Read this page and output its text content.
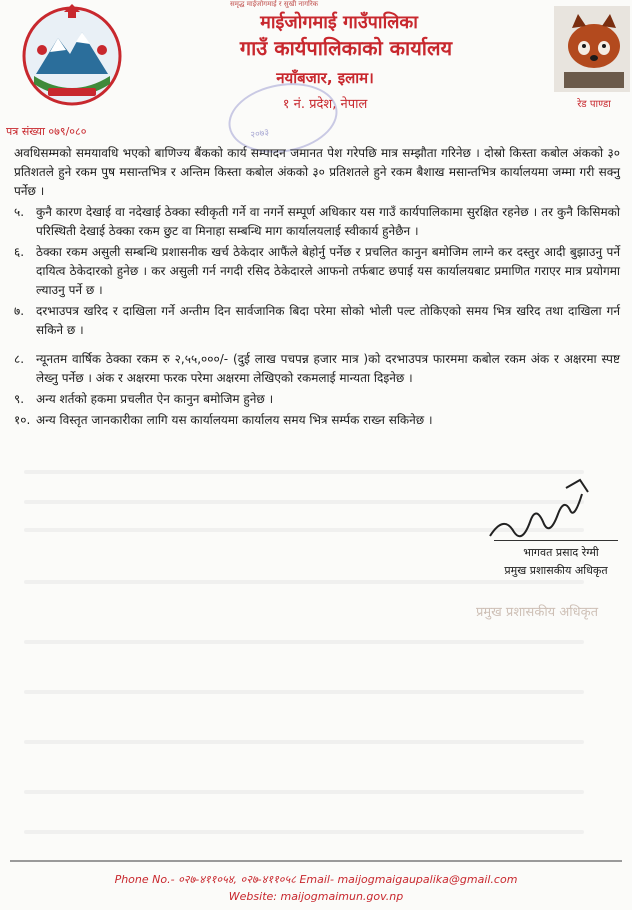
समृद्ध माईजोगमाई र सुखी नागरिक
माईजोगमाई गाउँपालिका
गाउँ कार्यपालिकाको कार्यालय
नयाँबजार, इलाम।
१ नं. प्रदेश, नेपाल
२०७३
रेड पाण्डा
पत्र संख्या ०७९/०८०
अवधिसम्मको समयावधि भएको बाणिज्य बैंकको कार्य सम्पादन जमानत पेश गरेपछि मात्र सम्झौता गरिनेछ । दोस्रो किस्ता कबोल अंकको ३० प्रतिशतले हुने रकम पुष मसान्तभित्र र अन्तिम किस्ता कबोल अंकको ३० प्रतिशतले हुने रकम बैशाख मसान्तभित्र कार्यालयमा जम्मा गरी सक्नु पर्नेछ ।
५. कुनै कारण देखाई वा नदेखाई ठेक्का स्वीकृती गर्ने वा नगर्ने सम्पूर्ण अधिकार यस गाउँ कार्यपालिकामा सुरक्षित रहनेछ । तर कुनै किसिमको परिस्थिती देखाई ठेक्का रकम छुट वा मिनाहा सम्बन्धि माग कार्यालयलाई स्वीकार्य हुनेछैन ।
६. ठेक्का रकम असुली सम्बन्धि प्रशासनीक खर्च ठेकेदार आफैंले बेहोर्नु पर्नेछ र प्रचलित कानुन बमोजिम लाग्ने कर दस्तुर आदी बुझाउनु पर्ने दायित्व ठेकेदारको हुनेछ । कर असुली गर्न नगदी रसिद ठेकेदारले आफनो तर्फबाट छपाई यस कार्यालयबाट प्रमाणित गराएर मात्र प्रयोगमा ल्याउनु पर्ने छ ।
७. दरभाउपत्र खरिद र दाखिला गर्ने अन्तीम दिन सार्वजानिक बिदा परेमा सोको भोली पल्ट तोकिएको समय भित्र खरिद तथा दाखिला गर्न सकिने छ ।
८. न्यूनतम वार्षिक ठेक्का रकम रु २,५५,०००/- (दुई लाख पचपन्न हजार मात्र )को दरभाउपत्र फारममा कबोल रकम अंक र अक्षरमा स्पष्ट लेख्नु पर्नेछ । अंक र अक्षरमा फरक परेमा अक्षरमा लेखिएको रकमलाई मान्यता दिइनेछ ।
९. अन्य शर्तको हकमा प्रचलीत ऐन कानुन बमोजिम हुनेछ ।
१०. अन्य विस्तृत जानकारीका लागि यस कार्यालयमा कार्यालय समय भित्र सर्म्पक राख्न सकिनेछ ।
भागवत प्रसाद रेग्मी
प्रमुख प्रशासकीय अधिकृत
प्रमुख प्रशासकीय अधिकृत
Phone No.- ०२७-४११०५४, ०२७-४११०५८ Email- maijogmaigaupalika@gmail.com
Website: maijogmaimun.gov.np
